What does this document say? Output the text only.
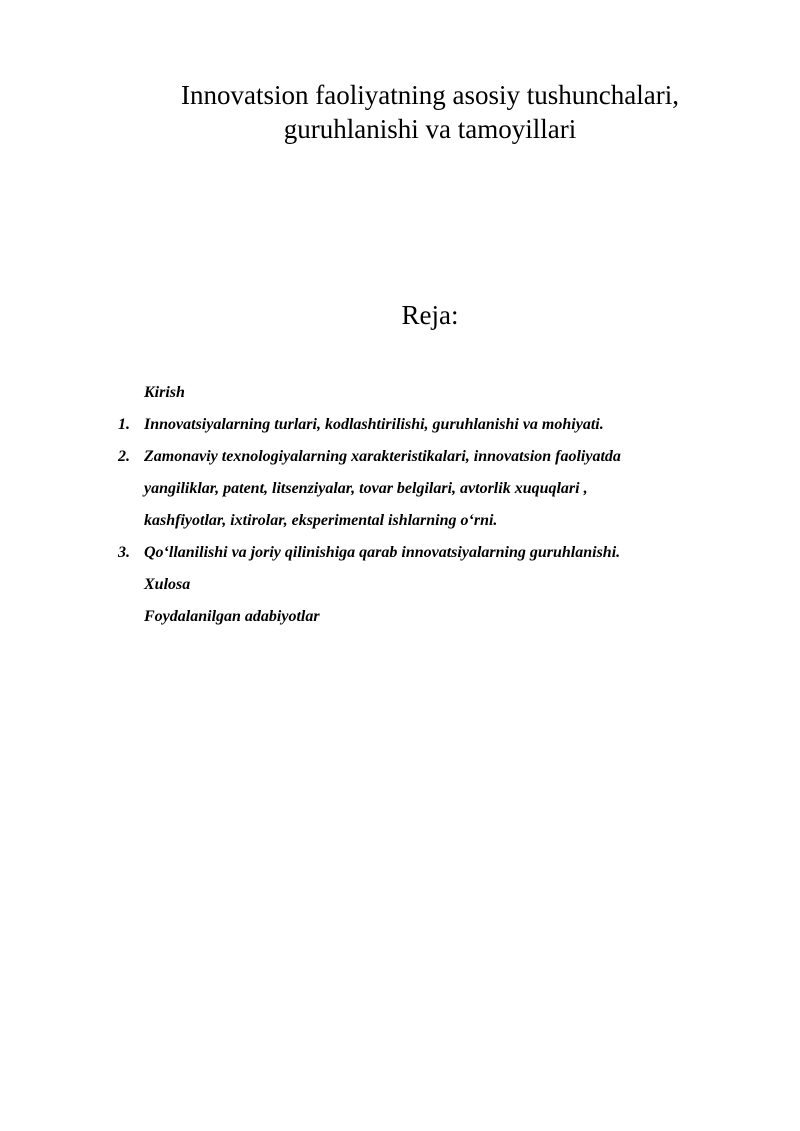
Innovatsion faoliyatning asosiy tushunchalari,
guruhlanishi va tamoyillari
Reja:
Kirish
1. Innovatsiyalarning turlari, kodlashtirilishi, guruhlanishi va mohiyati.
2. Zamonaviy texnologiyalarning xarakteristikalari, innovatsion faoliyatda
yangiliklar, patent, litsenziyalar, tovar belgilari, avtorlik xuquqlari ,
kashfiyotlar, ixtirolar, eksperimental ishlarning o‘rni.
3. Qo‘llanilishi va joriy qilinishiga qarab innovatsiyalarning guruhlanishi.
Xulosa
Foydalanilgan adabiyotlar
